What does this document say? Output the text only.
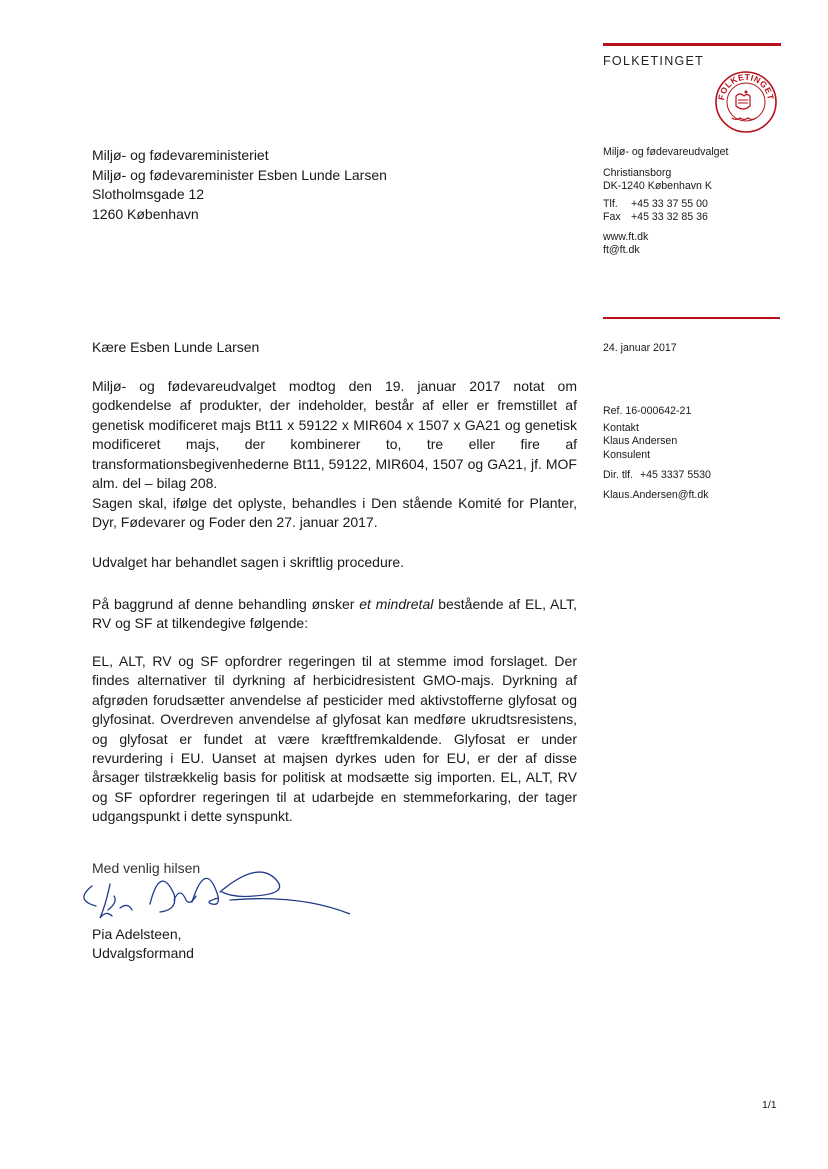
FOLKETINGET
FOLKETINGET
Miljø- og fødevareudvalget
Christiansborg
DK-1240 København K
Tlf. +45 33 37 55 00
Fax +45 33 32 85 36
www.ft.dk
ft@ft.dk
24. januar 2017
Ref. 16-000642-21
Kontakt
Klaus Andersen
Konsulent
Dir. tlf. +45 3337 5530
Klaus.Andersen@ft.dk
Miljø- og fødevareministeriet
Miljø- og fødevareminister Esben Lunde Larsen
Slotholmsgade 12
1260 København
Kære Esben Lunde Larsen
Miljø- og fødevareudvalget modtog den 19. januar 2017 notat om godkendelse af produkter, der indeholder, består af eller er fremstillet af genetisk modificeret majs Bt11 x 59122 x MIR604 x 1507 x GA21 og genetisk modificeret majs, der kombinerer to, tre eller fire af transformationsbegivenhederne Bt11, 59122, MIR604, 1507 og GA21, jf. MOF alm. del – bilag 208.
Sagen skal, ifølge det oplyste, behandles i Den stående Komité for Planter, Dyr, Fødevarer og Foder den 27. januar 2017.
Udvalget har behandlet sagen i skriftlig procedure.
På baggrund af denne behandling ønsker et mindretal bestående af EL, ALT, RV og SF at tilkendegive følgende:
EL, ALT, RV og SF opfordrer regeringen til at stemme imod forslaget. Der findes alternativer til dyrkning af herbicidresistent GMO-majs. Dyrkning af afgrøden forudsætter anvendelse af pesticider med aktivstofferne glyfosat og glyfosinat. Overdreven anvendelse af glyfosat kan medføre ukrudtsresistens, og glyfosat er fundet at være kræftfremkaldende. Glyfosat er under revurdering i EU. Uanset at majsen dyrkes uden for EU, er der af disse årsager tilstrækkelig basis for politisk at modsætte sig importen. EL, ALT, RV og SF opfordrer regeringen til at udarbejde en stemmeforkaring, der tager udgangspunkt i dette synspunkt.
Med venlig hilsen
Pia Adelsteen,
Udvalgsformand
1/1
